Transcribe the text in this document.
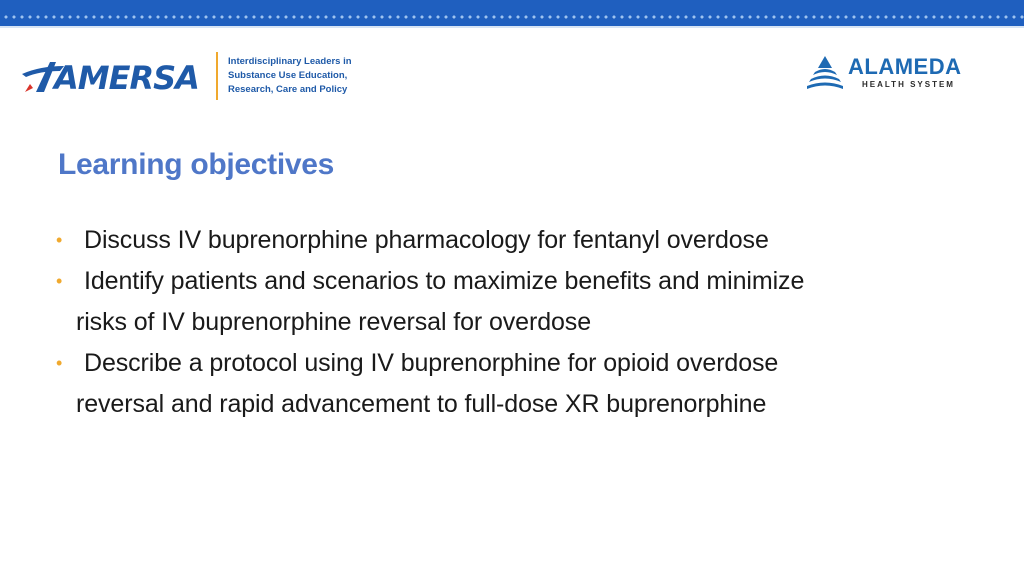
AMERSA	Interdisciplinary Leaders in
Substance Use Education,
Research, Care and Policy
ALAMEDA
HEALTH SYSTEM
Learning objectives
• Discuss IV buprenorphine pharmacology for fentanyl overdose
• Identify patients and scenarios to maximize benefits and minimize
risks of IV buprenorphine reversal for overdose
• Describe a protocol using IV buprenorphine for opioid overdose
reversal and rapid advancement to full-dose XR buprenorphine
